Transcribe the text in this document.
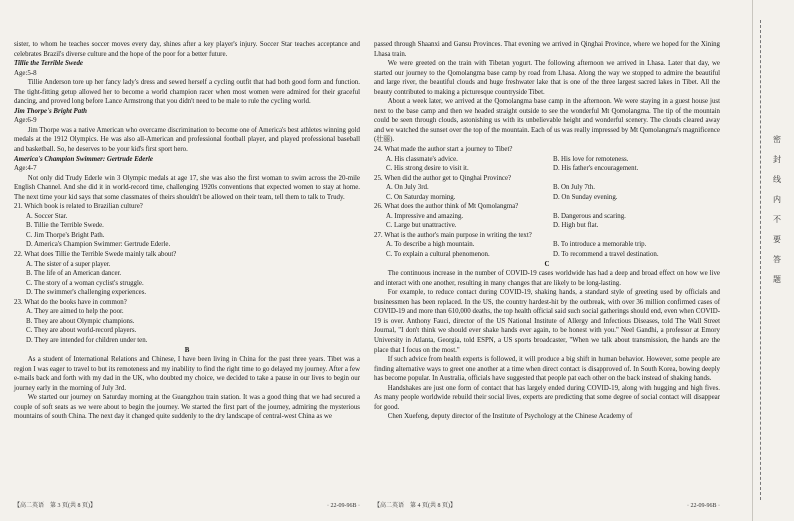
sister, to whom he teaches soccer moves every day, shines after a key player's injury. Soccer Star teaches acceptance and celebrates Brazil's diverse culture and the hope of the poor for a better future.

Tillie the Terrible Swede

Age:5-8

Tillie Anderson tore up her fancy lady's dress and sewed herself a cycling outfit that had both good form and function. The tight-fitting getup allowed her to become a world champion racer when most women were admired for their graceful dancing, and proved long before Lance Armstrong that you didn't need to be male to rule the cycling world.

Jim Thorpe's Bright Path

Age:6-9

Jim Thorpe was a native American who overcame discrimination to become one of America's best athletes winning gold medals at the 1912 Olympics. He was also all-American and professional football player, and played professional baseball and basketball. So, he deserves to be your kid's first sport hero.

America's Champion Swimmer: Gertrude Ederle

Age:4-7

Not only did Trudy Ederle win 3 Olympic medals at age 17, she was also the first woman to swim across the 20-mile English Channel. And she did it in world-record time, challenging 1920s conventions that expected women to stay at home. The next time your kid says that some classmates of theirs shouldn't be allowed on their team, tell them to talk to Trudy.

21. Which book is related to Brazilian culture?

A. Soccer Star.

B. Tillie the Terrible Swede.

C. Jim Thorpe's Bright Path.

D. America's Champion Swimmer: Gertrude Ederle.

22. What does Tillie the Terrible Swede mainly talk about?

A. The sister of a super player.

B. The life of an American dancer.

C. The story of a woman cyclist's struggle.

D. The swimmer's challenging experiences.

23. What do the books have in common?

A. They are aimed to help the poor.

B. They are about Olympic champions.

C. They are about world-record players.

D. They are intended for children under ten.

B

As a student of International Relations and Chinese, I have been living in China for the past three years. Tibet was a region I was eager to travel to but its remoteness and my inability to find the right time to go delayed my journey. After a few e-mails back and forth with my dad in the UK, who doubted my choice, we decided to take a pause in our lives to begin our journey early in the morning of July 3rd.

We started our journey on Saturday morning at the Guangzhou train station. It was a good thing that we had secured a couple of soft seats as we were about to begin the journey. We started the first part of the journey, admiring the mysterious mountains of south China. The next day it changed quite suddenly to the dry landscape of central-west China as we

passed through Shaanxi and Gansu Provinces. That evening we arrived in Qinghai Province, where we hoped for the Xining Lhasa train.

We were greeted on the train with Tibetan yogurt. The following afternoon we arrived in Lhasa. Later that day, we started our journey to the Qomolangma base camp by road from Lhasa. Along the way we stopped to admire the beautiful and large river, the beautiful clouds and huge freshwater lake that is one of the three largest sacred lakes in Tibet. All the beauty contributed to making a picturesque countryside Tibet.

About a week later, we arrived at the Qomolangma base camp in the afternoon. We were staying in a guest house just next to the base camp and then we headed straight outside to see the wonderful Mt Qomolangma. The tip of the mountain could be seen through clouds, astonishing us with its unbelievable height and wonderful scenery. The clouds cleared away and we watched the sunset over the top of the mountain. Each of us was really impressed by Mt Qomolangma's magnificence (壮丽).

24. What made the author start a journey to Tibet?

A. His classmate's advice.	B. His love for remoteness.

C. His strong desire to visit it.	D. His father's encouragement.

25. When did the author get to Qinghai Province?

A. On July 3rd.	B. On July 7th.

C. On Saturday morning.	D. On Sunday evening.

26. What does the author think of Mt Qomolangma?

A. Impressive and amazing.	B. Dangerous and scaring.

C. Large but unattractive.	D. High but flat.

27. What is the author's main purpose in writing the text?

A. To describe a high mountain.	B. To introduce a memorable trip.

C. To explain a cultural phenomenon.	D. To recommend a travel destination.

C

The continuous increase in the number of COVID-19 cases worldwide has had a deep and broad effect on how we live and interact with one another, resulting in many changes that are likely to be long-lasting.

For example, to reduce contact during COVID-19, shaking hands, a standard style of greeting used by officials and businessmen has been replaced. In the US, the country hardest-hit by the outbreak, with over 36 million confirmed cases of COVID-19 and more than 610,000 deaths, the top health official said such social gatherings should end, even when COVID-19 is over. Anthony Fauci, director of the US National Institute of Allergy and Infectious Diseases, told The Wall Street Journal, "I don't think we should ever shake hands ever again, to be honest with you." Neel Gandhi, a professor at Emory University in Atlanta, Georgia, told ESPN, a US sports broadcaster, "When we talk about transmission, the hands are the place that I focus on the most."

If such advice from health experts is followed, it will produce a big shift in human behavior. However, some people are finding alternative ways to greet one another at a time when direct contact is disapproved of. In South Korea, bowing deeply has become popular. In Australia, officials have suggested that people pat each other on the back instead of shaking hands.

Handshakes are just one form of contact that has largely ended during COVID-19, along with hugging and high fives. As many people worldwide rebuild their social lives, experts are predicting that some degree of social contact will disappear for good.

Chen Xuefeng, deputy director of the Institute of Psychology at the Chinese Academy of

【高二英语　第 3 页(共 8 页)】	· 22-09-96B · 【高二英语　第 4 页(共 8 页)】	· 22-09-96B ·
密
封
线
内
不
要
答
题
